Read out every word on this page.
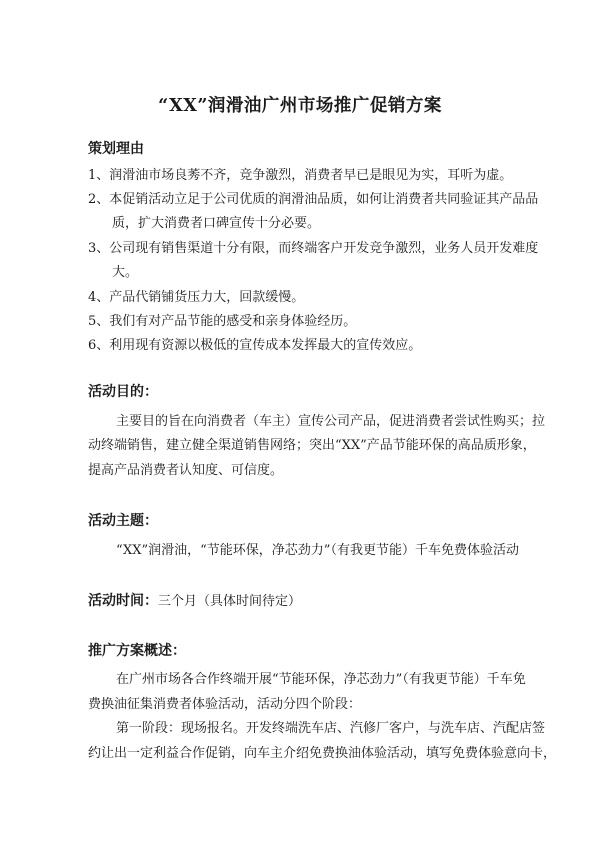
“XX”润滑油广州市场推广促销方案
策划理由
1、润滑油市场良莠不齐，竞争激烈，消费者早已是眼见为实，耳听为虚。
2、本促销活动立足于公司优质的润滑油品质，如何让消费者共同验证其产品品
质，扩大消费者口碑宣传十分必要。
3、公司现有销售渠道十分有限，而终端客户开发竞争激烈，业务人员开发难度
大。
4、产品代销铺货压力大，回款缓慢。
5、我们有对产品节能的感受和亲身体验经历。
6、利用现有资源以极低的宣传成本发挥最大的宣传效应。
活动目的：
主要目的旨在向消费者（车主）宣传公司产品，促进消费者尝试性购买；拉
动终端销售，建立健全渠道销售网络；突出“XX”产品节能环保的高品质形象，
提高产品消费者认知度、可信度。
活动主题：
“XX”润滑油，“节能环保，净芯劲力”（有我更节能）千车免费体验活动
活动时间：三个月（具体时间待定）
推广方案概述：
在广州市场各合作终端开展“节能环保，净芯劲力”（有我更节能）千车免
费换油征集消费者体验活动，活动分四个阶段：
第一阶段：现场报名。开发终端洗车店、汽修厂客户，与洗车店、汽配店签
约让出一定利益合作促销，向车主介绍免费换油体验活动，填写免费体验意向卡，
